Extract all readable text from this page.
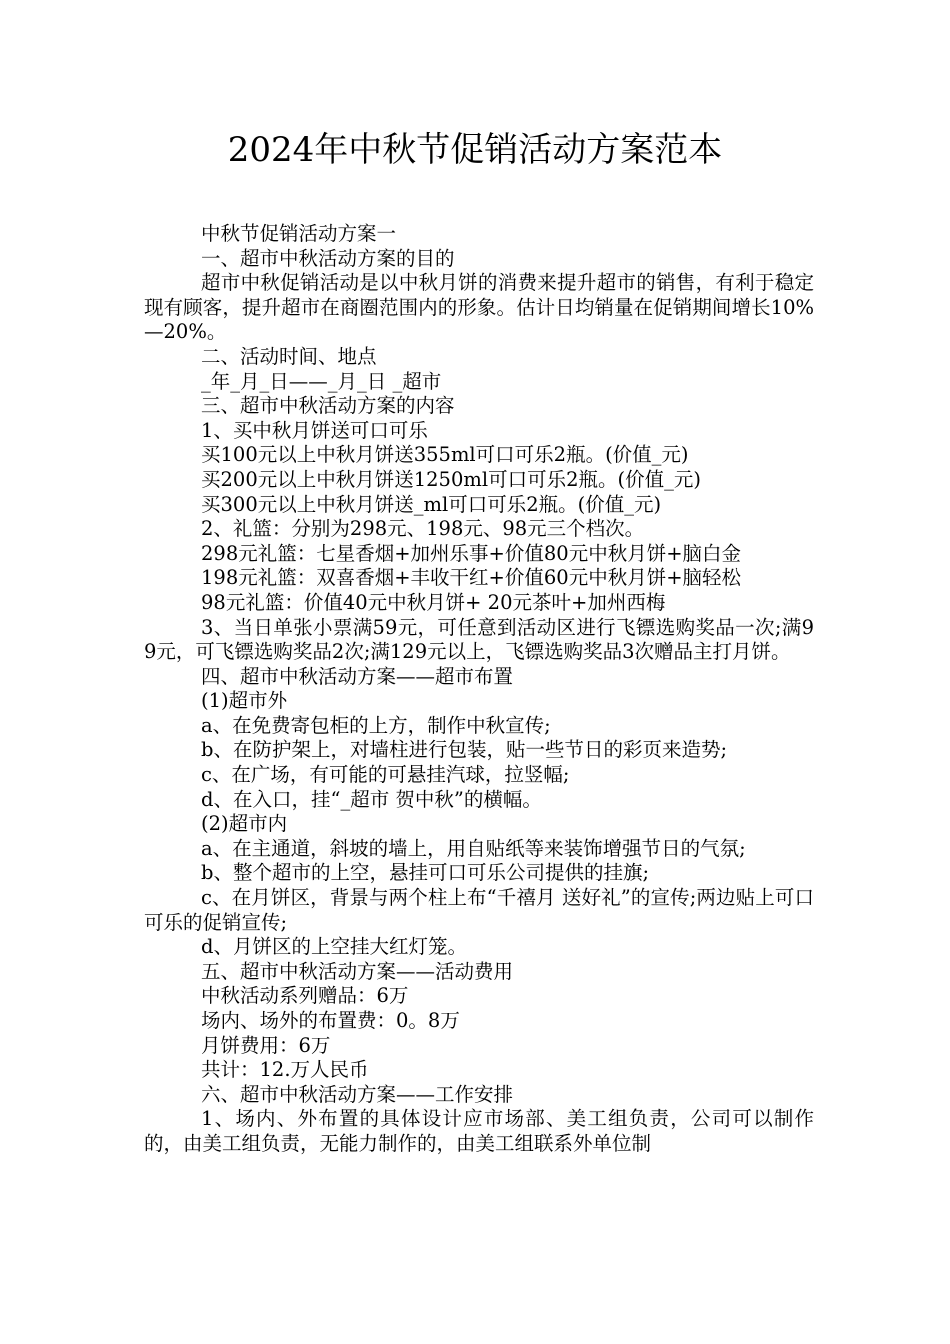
2024年中秋节促销活动方案范本

中秋节促销活动方案一

一、超市中秋活动方案的目的

超市中秋促销活动是以中秋月饼的消费来提升超市的销售，有利于稳定现有顾客，提升超市在商圈范围内的形象。估计日均销量在促销期间增长10%—20%。

二、活动时间、地点

_年_月_日——_月_日 _超市

三、超市中秋活动方案的内容

1、买中秋月饼送可口可乐

买100元以上中秋月饼送355ml可口可乐2瓶。(价值_元)

买200元以上中秋月饼送1250ml可口可乐2瓶。(价值_元)

买300元以上中秋月饼送_ml可口可乐2瓶。(价值_元)

2、礼篮：分别为298元、198元、98元三个档次。

298元礼篮：七星香烟+加州乐事+价值80元中秋月饼+脑白金

198元礼篮：双喜香烟+丰收干红+价值60元中秋月饼+脑轻松

98元礼篮：价值40元中秋月饼+ 20元茶叶+加州西梅

3、当日单张小票满59元，可任意到活动区进行飞镖选购奖品一次;满99元，可飞镖选购奖品2次;满129元以上，飞镖选购奖品3次赠品主打月饼。

四、超市中秋活动方案——超市布置

(1)超市外

a、在免费寄包柜的上方，制作中秋宣传;

b、在防护架上，对墙柱进行包装，贴一些节日的彩页来造势;

c、在广场，有可能的可悬挂汽球，拉竖幅;

d、在入口，挂“_超市 贺中秋”的横幅。

(2)超市内

a、在主通道，斜坡的墙上，用自贴纸等来装饰增强节日的气氛;

b、整个超市的上空，悬挂可口可乐公司提供的挂旗;

c、在月饼区，背景与两个柱上布“千禧月 送好礼”的宣传;两边贴上可口可乐的促销宣传;

d、月饼区的上空挂大红灯笼。

五、超市中秋活动方案——活动费用

中秋活动系列赠品：6万

场内、场外的布置费：0。8万

月饼费用：6万

共计：12.万人民币

六、超市中秋活动方案——工作安排

1、场内、外布置的具体设计应市场部、美工组负责，公司可以制作的，由美工组负责，无能力制作的，由美工组联系外单位制
